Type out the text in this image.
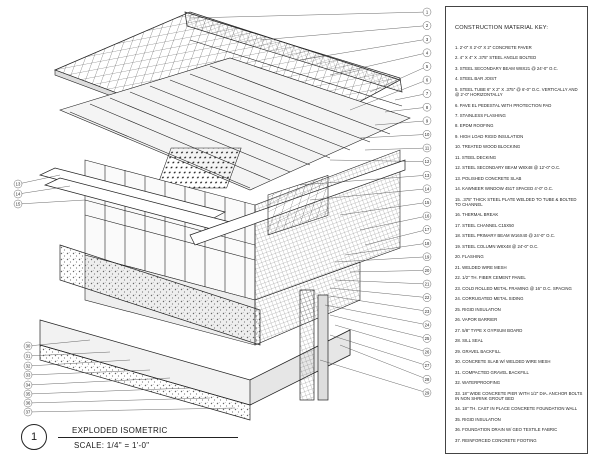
1
2
3
4
5
6
7
8
9
10
11
12
13
14
15
16
17
18
19
20
21
22
23
24
25
26
27
28
29
13
14
15
30
31
32
33
34
35
36
37
1
EXPLODED ISOMETRIC
SCALE: 1/4" = 1'-0"
CONSTRUCTION MATERIAL KEY:
1. 2'-0" X 2'-0" X 2" CONCRETE PAVER
2. 4" X 4" X .375" STEEL ANGLE BOLTED
3. STEEL SECONDARY BEAM W8X21 @ 24'-0" O.C.
4. STEEL BAR JOIST
5. STEEL TUBE 6" X 2" X .375" @ 6'-0" O.C. VERTICALLY AND @ 2'-0" HORIZONTALLY
6. PAVE EL PEDESTAL WITH PROTECTION PAD
7. STAINLESS FLASHING
8. EPDM ROOFING
9. HIGH LOAD RIGID INSULATION
10. TREATED WOOD BLOCKING
11. STEEL DECKING
12. STEEL SECONDARY BEAM W8X48 @ 12'-0" O.C.
13. POLISHED CONCRETE SLAB
14. KAWNEER WINDOW 451T SPACED 4'-0" O.C.
15. .375" THICK STEEL PLATE WELDED TO TUBE & BOLTED TO CHANNEL
16. THERMAL BREAK
17. STEEL CHANNEL C15X50
18. STEEL PRIMARY BEAM W16X40 @ 24'-0" O.C.
19. STEEL COLUMN W8X48 @ 24'-0" O.C.
20. FLASHING
21. WELDED WIRE MESH
22. 1/2" TH. FIBER CEMENT PANEL
23. COLD ROLLED METAL FRAMING @ 16" O.C. SPACING
24. CORRUGATED METAL SIDING
25. RIGID INSULATION
26. VAPOR BARRIER
27. 5/8" TYPE X GYPSUM BOARD
28. SILL SEAL
29. GRAVEL BACKFILL
30. CONCRETE SLAB W/ WELDED WIRE MESH
31. COMPACTED GRAVEL BACKFILL
32. WATERPROOFING
33. 18" WIDE CONCRETE PIER WITH 1/2" DIA. ANCHOR BOLTS IN NON SHRINK GROUT BED
34. 18" TH. CAST IN PLACE CONCRETE FOUNDATION WALL
35. RIGID INSULATION
36. FOUNDATION DRAIN W/ GEO TEXTILE FABRIC
37. REINFORCED CONCRETE FOOTING
